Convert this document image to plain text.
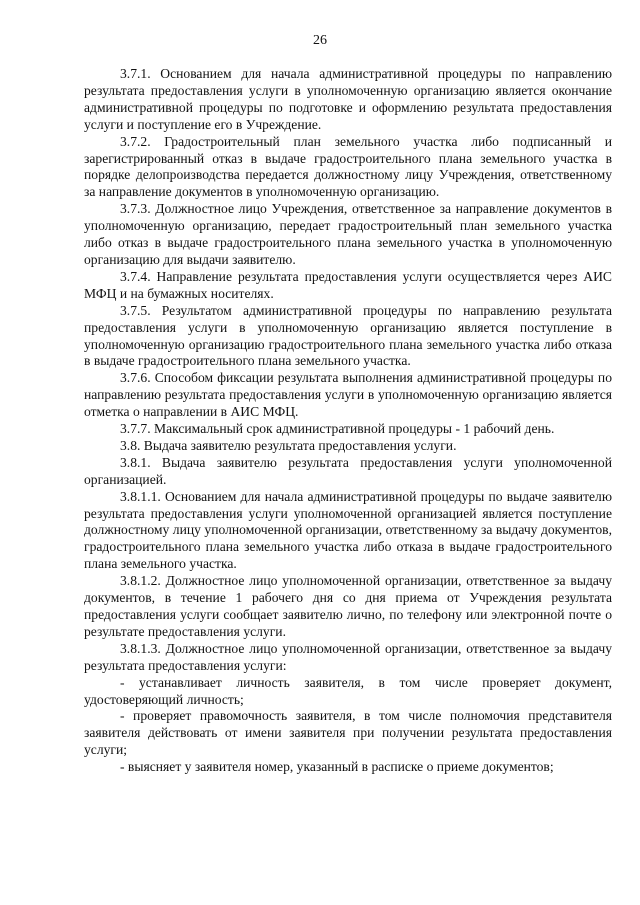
26

3.7.1. Основанием для начала административной процедуры по направлению результата предоставления услуги в уполномоченную организацию является окончание административной процедуры по подготовке и оформлению результата предоставления услуги и поступление его в Учреждение.

3.7.2. Градостроительный план земельного участка либо подписанный и зарегистрированный отказ в выдаче градостроительного плана земельного участка в порядке делопроизводства передается должностному лицу Учреждения, ответственному за направление документов в уполномоченную организацию.

3.7.3. Должностное лицо Учреждения, ответственное за направление документов в уполномоченную организацию, передает градостроительный план земельного участка либо отказ в выдаче градостроительного плана земельного участка в уполномоченную организацию для выдачи заявителю.

3.7.4. Направление результата предоставления услуги осуществляется через АИС МФЦ и на бумажных носителях.

3.7.5. Результатом административной процедуры по направлению результата предоставления услуги в уполномоченную организацию является поступление в уполномоченную организацию градостроительного плана земельного участка либо отказа в выдаче градостроительного плана земельного участка.

3.7.6. Способом фиксации результата выполнения административной процедуры по направлению результата предоставления услуги в уполномоченную организацию является отметка о направлении в АИС МФЦ.

3.7.7. Максимальный срок административной процедуры - 1 рабочий день.

3.8. Выдача заявителю результата предоставления услуги.

3.8.1. Выдача заявителю результата предоставления услуги уполномоченной организацией.

3.8.1.1. Основанием для начала административной процедуры по выдаче заявителю результата предоставления услуги уполномоченной организацией является поступление должностному лицу уполномоченной организации, ответственному за выдачу документов, градостроительного плана земельного участка либо отказа в выдаче градостроительного плана земельного участка.

3.8.1.2. Должностное лицо уполномоченной организации, ответственное за выдачу документов, в течение 1 рабочего дня со дня приема от Учреждения результата предоставления услуги сообщает заявителю лично, по телефону или электронной почте о результате предоставления услуги.

3.8.1.3. Должностное лицо уполномоченной организации, ответственное за выдачу результата предоставления услуги:

- устанавливает личность заявителя, в том числе проверяет документ, удостоверяющий личность;

- проверяет правомочность заявителя, в том числе полномочия представителя заявителя действовать от имени заявителя при получении результата предоставления услуги;

- выясняет у заявителя номер, указанный в расписке о приеме документов;
